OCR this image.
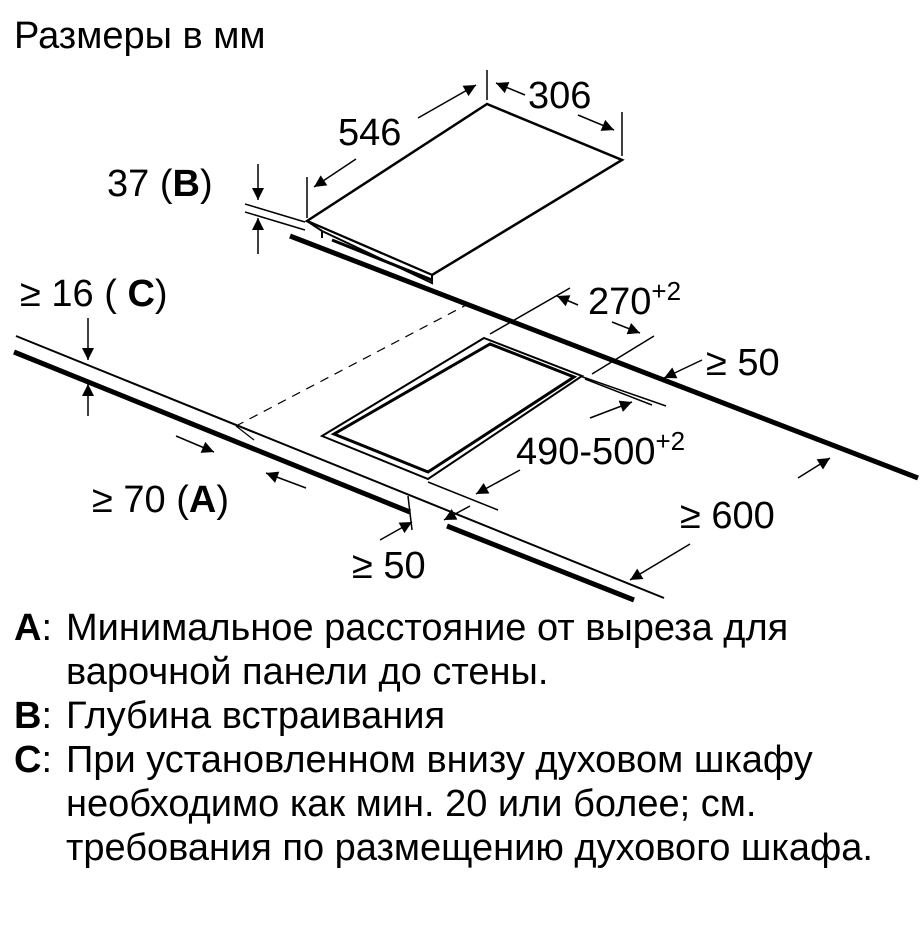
Размеры в мм
306
546
37 (B)
$270^{+2}$
≥ 50
$490-500^{+2}$
≥ 600
≥ 16 ( C)
≥ 70 (A)
≥ 50
A: Минимальное расстояние от выреза для варочной панели до стены.
B: Глубина встраивания
C: При установленном внизу духовом шкафу необходимо как мин. 20 или более; см. требования по размещению духового шкафа.
